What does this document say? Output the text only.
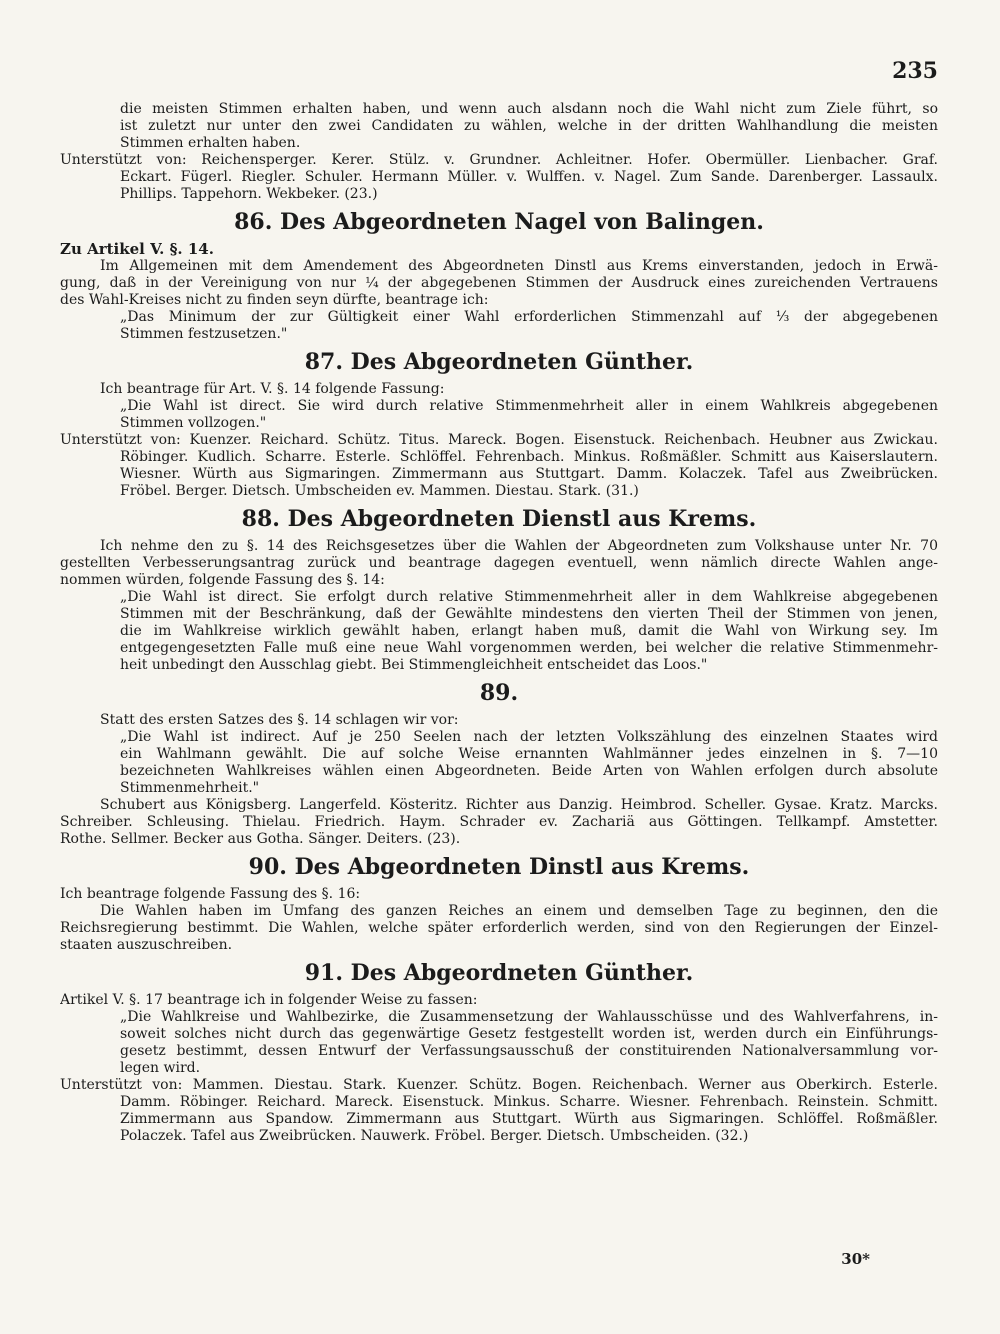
235
die meisten Stimmen erhalten haben, und wenn auch alsdann noch die Wahl nicht zum Ziele führt, so
ist zuletzt nur unter den zwei Candidaten zu wählen, welche in der dritten Wahlhandlung die meisten
Stimmen erhalten haben.
Unterstützt von: Reichensperger. Kerer. Stülz. v. Grundner. Achleitner. Hofer. Obermüller. Lienbacher. Graf.
Eckart. Fügerl. Riegler. Schuler. Hermann Müller. v. Wulffen. v. Nagel. Zum Sande. Darenberger. Lassaulx.
Phillips. Tappehorn. Wekbeker. (23.)
86. Des Abgeordneten Nagel von Balingen.
Zu Artikel V. §. 14.
Im Allgemeinen mit dem Amendement des Abgeordneten Dinstl aus Krems einverstanden, jedoch in Erwä-
gung, daß in der Vereinigung von nur ¼ der abgegebenen Stimmen der Ausdruck eines zureichenden Vertrauens
des Wahl-Kreises nicht zu finden seyn dürfte, beantrage ich:
„Das Minimum der zur Gültigkeit einer Wahl erforderlichen Stimmenzahl auf ⅓ der abgegebenen
Stimmen festzusetzen."
87. Des Abgeordneten Günther.
Ich beantrage für Art. V. §. 14 folgende Fassung:
„Die Wahl ist direct. Sie wird durch relative Stimmenmehrheit aller in einem Wahlkreis abgegebenen
Stimmen vollzogen."
Unterstützt von: Kuenzer. Reichard. Schütz. Titus. Mareck. Bogen. Eisenstuck. Reichenbach. Heubner aus Zwickau.
Röbinger. Kudlich. Scharre. Esterle. Schlöffel. Fehrenbach. Minkus. Roßmäßler. Schmitt aus Kaiserslautern.
Wiesner. Würth aus Sigmaringen. Zimmermann aus Stuttgart. Damm. Kolaczek. Tafel aus Zweibrücken.
Fröbel. Berger. Dietsch. Umbscheiden ev. Mammen. Diestau. Stark. (31.)
88. Des Abgeordneten Dienstl aus Krems.
Ich nehme den zu §. 14 des Reichsgesetzes über die Wahlen der Abgeordneten zum Volkshause unter Nr. 70
gestellten Verbesserungsantrag zurück und beantrage dagegen eventuell, wenn nämlich directe Wahlen ange-
nommen würden, folgende Fassung des §. 14:
„Die Wahl ist direct. Sie erfolgt durch relative Stimmenmehrheit aller in dem Wahlkreise abgegebenen
Stimmen mit der Beschränkung, daß der Gewählte mindestens den vierten Theil der Stimmen von jenen,
die im Wahlkreise wirklich gewählt haben, erlangt haben muß, damit die Wahl von Wirkung sey. Im
entgegengesetzten Falle muß eine neue Wahl vorgenommen werden, bei welcher die relative Stimmenmehr-
heit unbedingt den Ausschlag giebt. Bei Stimmengleichheit entscheidet das Loos."
89.
Statt des ersten Satzes des §. 14 schlagen wir vor:
„Die Wahl ist indirect. Auf je 250 Seelen nach der letzten Volkszählung des einzelnen Staates wird
ein Wahlmann gewählt. Die auf solche Weise ernannten Wahlmänner jedes einzelnen in §. 7—10
bezeichneten Wahlkreises wählen einen Abgeordneten. Beide Arten von Wahlen erfolgen durch absolute
Stimmenmehrheit."
Schubert aus Königsberg. Langerfeld. Kösteritz. Richter aus Danzig. Heimbrod. Scheller. Gysae. Kratz. Marcks.
Schreiber. Schleusing. Thielau. Friedrich. Haym. Schrader ev. Zachariä aus Göttingen. Tellkampf. Amstetter.
Rothe. Sellmer. Becker aus Gotha. Sänger. Deiters. (23).
90. Des Abgeordneten Dinstl aus Krems.
Ich beantrage folgende Fassung des §. 16:
Die Wahlen haben im Umfang des ganzen Reiches an einem und demselben Tage zu beginnen, den die
Reichsregierung bestimmt. Die Wahlen, welche später erforderlich werden, sind von den Regierungen der Einzel-
staaten auszuschreiben.
91. Des Abgeordneten Günther.
Artikel V. §. 17 beantrage ich in folgender Weise zu fassen:
„Die Wahlkreise und Wahlbezirke, die Zusammensetzung der Wahlausschüsse und des Wahlverfahrens, in-
soweit solches nicht durch das gegenwärtige Gesetz festgestellt worden ist, werden durch ein Einführungs-
gesetz bestimmt, dessen Entwurf der Verfassungsausschuß der constituirenden Nationalversammlung vor-
legen wird.
Unterstützt von: Mammen. Diestau. Stark. Kuenzer. Schütz. Bogen. Reichenbach. Werner aus Oberkirch. Esterle.
Damm. Röbinger. Reichard. Mareck. Eisenstuck. Minkus. Scharre. Wiesner. Fehrenbach. Reinstein. Schmitt.
Zimmermann aus Spandow. Zimmermann aus Stuttgart. Würth aus Sigmaringen. Schlöffel. Roßmäßler.
Polaczek. Tafel aus Zweibrücken. Nauwerk. Fröbel. Berger. Dietsch. Umbscheiden. (32.)
30*
